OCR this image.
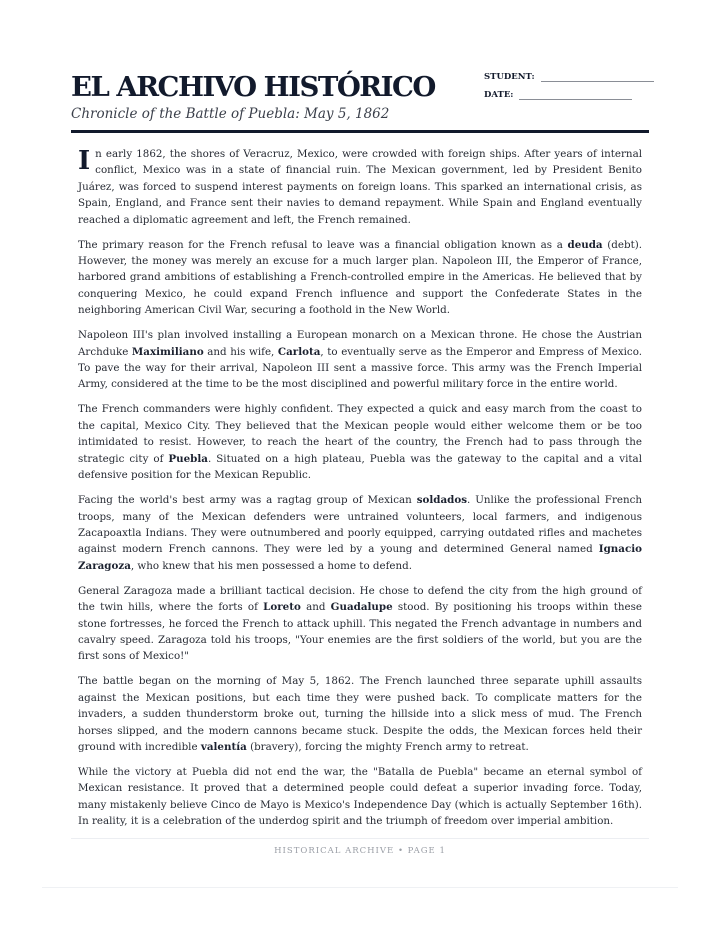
EL ARCHIVO HISTÓRICO
Chronicle of the Battle of Puebla: May 5, 1862
STUDENT:
DATE:

In early 1862, the shores of Veracruz, Mexico, were crowded with foreign ships. After years of internal conflict, Mexico was in a state of financial ruin. The Mexican government, led by President Benito Juárez, was forced to suspend interest payments on foreign loans. This sparked an international crisis, as Spain, England, and France sent their navies to demand repayment. While Spain and England eventually reached a diplomatic agreement and left, the French remained.

The primary reason for the French refusal to leave was a financial obligation known as a deuda (debt). However, the money was merely an excuse for a much larger plan. Napoleon III, the Emperor of France, harbored grand ambitions of establishing a French-controlled empire in the Americas. He believed that by conquering Mexico, he could expand French influence and support the Confederate States in the neighboring American Civil War, securing a foothold in the New World.

Napoleon III's plan involved installing a European monarch on a Mexican throne. He chose the Austrian Archduke Maximiliano and his wife, Carlota, to eventually serve as the Emperor and Empress of Mexico. To pave the way for their arrival, Napoleon III sent a massive force. This army was the French Imperial Army, considered at the time to be the most disciplined and powerful military force in the entire world.

The French commanders were highly confident. They expected a quick and easy march from the coast to the capital, Mexico City. They believed that the Mexican people would either welcome them or be too intimidated to resist. However, to reach the heart of the country, the French had to pass through the strategic city of Puebla. Situated on a high plateau, Puebla was the gateway to the capital and a vital defensive position for the Mexican Republic.

Facing the world's best army was a ragtag group of Mexican soldados. Unlike the professional French troops, many of the Mexican defenders were untrained volunteers, local farmers, and indigenous Zacapoaxtla Indians. They were outnumbered and poorly equipped, carrying outdated rifles and machetes against modern French cannons. They were led by a young and determined General named Ignacio Zaragoza, who knew that his men possessed a home to defend.

General Zaragoza made a brilliant tactical decision. He chose to defend the city from the high ground of the twin hills, where the forts of Loreto and Guadalupe stood. By positioning his troops within these stone fortresses, he forced the French to attack uphill. This negated the French advantage in numbers and cavalry speed. Zaragoza told his troops, "Your enemies are the first soldiers of the world, but you are the first sons of Mexico!"

The battle began on the morning of May 5, 1862. The French launched three separate uphill assaults against the Mexican positions, but each time they were pushed back. To complicate matters for the invaders, a sudden thunderstorm broke out, turning the hillside into a slick mess of mud. The French horses slipped, and the modern cannons became stuck. Despite the odds, the Mexican forces held their ground with incredible valentía (bravery), forcing the mighty French army to retreat.

While the victory at Puebla did not end the war, the "Batalla de Puebla" became an eternal symbol of Mexican resistance. It proved that a determined people could defeat a superior invading force. Today, many mistakenly believe Cinco de Mayo is Mexico's Independence Day (which is actually September 16th). In reality, it is a celebration of the underdog spirit and the triumph of freedom over imperial ambition.

HISTORICAL ARCHIVE • PAGE 1
